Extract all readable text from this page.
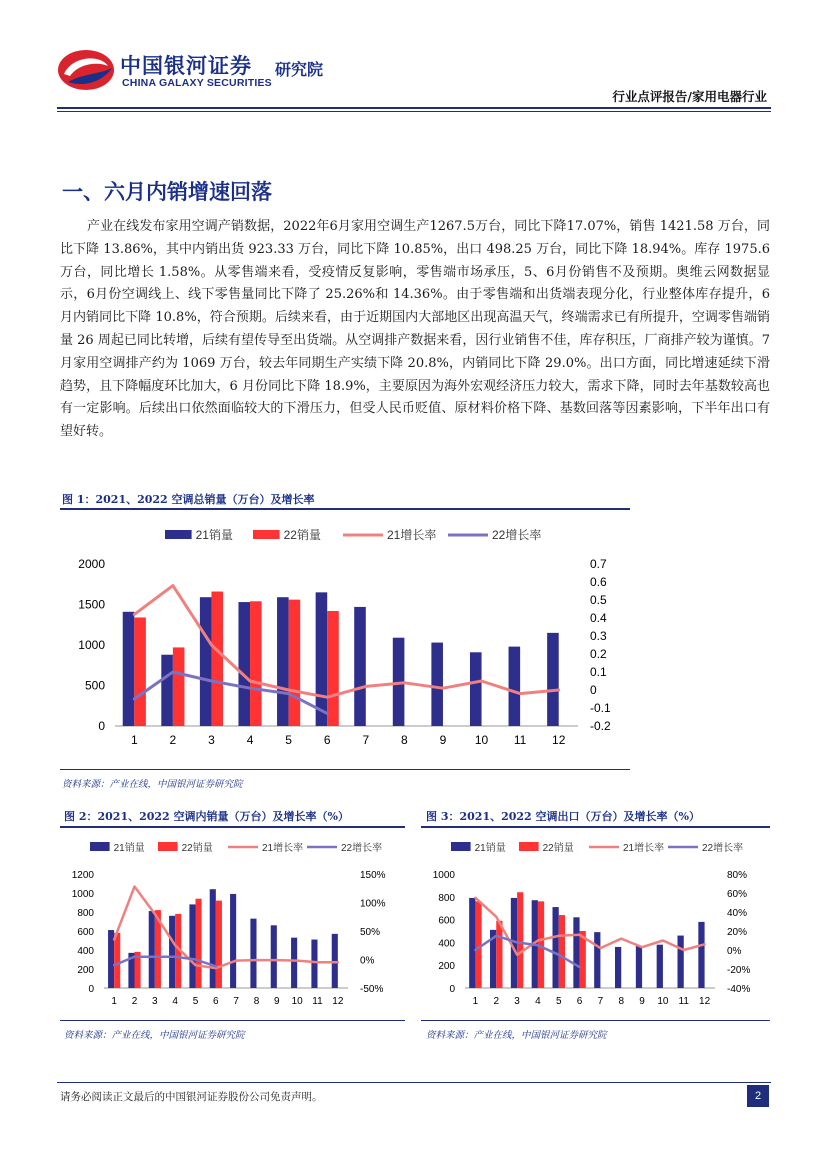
中国银河证券
CHINA GALAXY SECURITIES
研究院
行业点评报告/家用电器行业
一、六月内销增速回落
产业在线发布家用空调产销数据，2022年6月家用空调生产1267.5万台，同比下降17.07%，销售 1421.58 万台，同比下降 13.86%，其中内销出货 923.33 万台，同比下降 10.85%，出口 498.25 万台，同比下降 18.94%。库存 1975.6 万台，同比增长 1.58%。从零售端来看，受疫情反复影响，零售端市场承压，5、6月份销售不及预期。奥维云网数据显示，6月份空调线上、线下零售量同比下降了 25.26%和 14.36%。由于零售端和出货端表现分化，行业整体库存提升，6 月内销同比下降 10.8%，符合预期。后续来看，由于近期国内大部地区出现高温天气，终端需求已有所提升，空调零售端销量 26 周起已同比转增，后续有望传导至出货端。从空调排产数据来看，因行业销售不佳，库存积压，厂商排产较为谨慎。7 月家用空调排产约为 1069 万台，较去年同期生产实绩下降 20.8%，内销同比下降 29.0%。出口方面，同比增速延续下滑趋势，且下降幅度环比加大，6 月份同比下降 18.9%，主要原因为海外宏观经济压力较大，需求下降，同时去年基数较高也有一定影响。后续出口依然面临较大的下滑压力，但受人民币贬值、原材料价格下降、基数回落等因素影响，下半年出口有望好转。
图 1：2021、2022 空调总销量（万台）及增长率
21销量	22销量	21增长率	22增长率
0
500
1000
1500
2000
-0.2
-0.1
0
0.1
0.2
0.3
0.4
0.5
0.6
0.7
1	2	3	4	5	6	7	8	9 10 11 12
资料来源：产业在线，中国银河证券研究院
图 2：2021、2022 空调内销量（万台）及增长率（%）
21销量	22销量	21增长率	22增长率
0
200
400
600
800
1000
1200
-50%
0%
50%
100%
150%
1 2 3 4 5 6 7 8 9 10 11 12
资料来源：产业在线，中国银河证券研究院
图 3：2021、2022 空调出口（万台）及增长率（%）
21销量	22销量	21增长率	22增长率
0
200
400
600
800
1000
-40%
-20%
0%
20%
40%
60%
80%
1 2 3 4 5 6 7 8 9 10 11 12
资料来源：产业在线，中国银河证券研究院
请务必阅读正文最后的中国银河证券股份公司免责声明。	2
